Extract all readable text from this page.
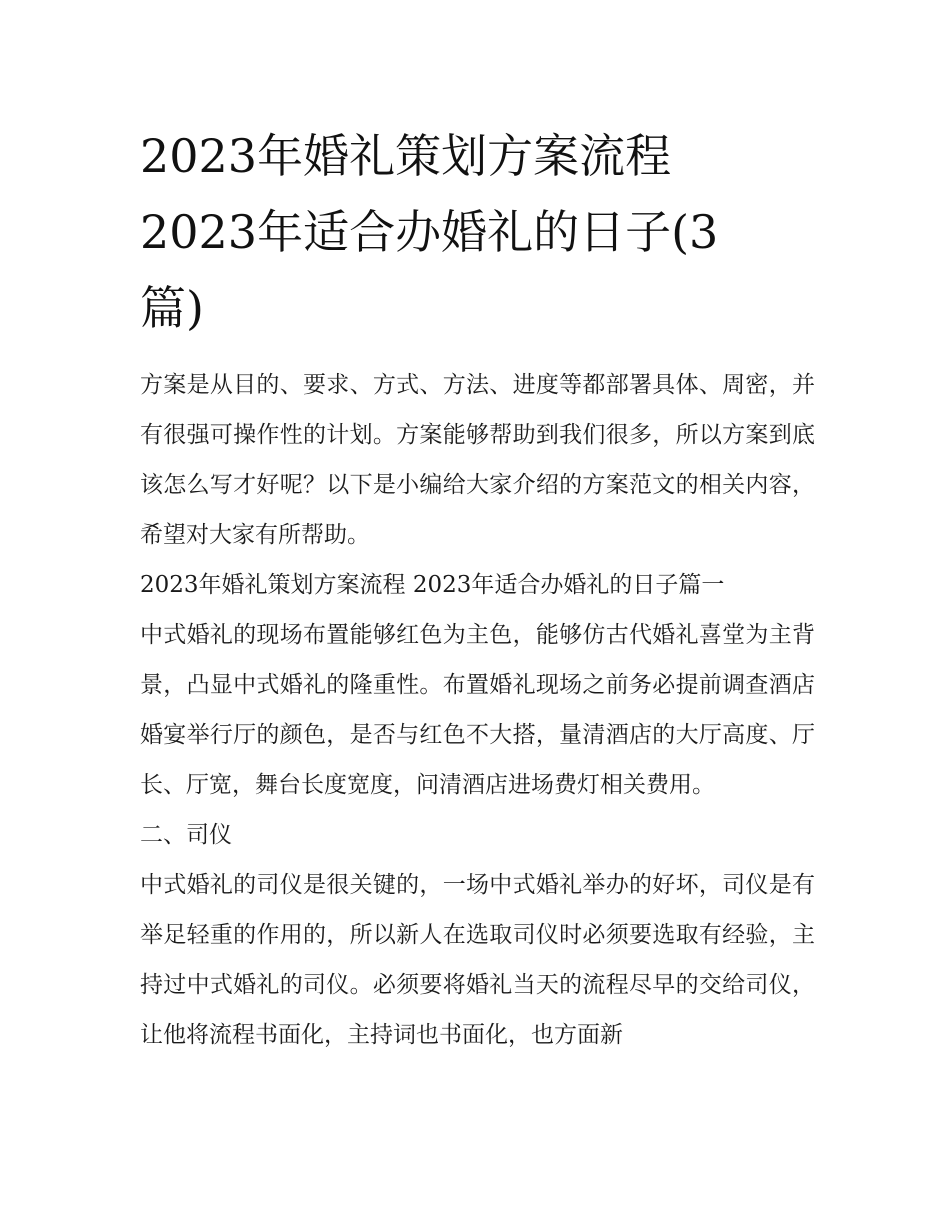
2023年婚礼策划方案流程
2023年适合办婚礼的日子(3
篇)

方案是从目的、要求、方式、方法、进度等都部署具体、周密，并有很强可操作性的计划。方案能够帮助到我们很多，所以方案到底该怎么写才好呢？以下是小编给大家介绍的方案范文的相关内容，希望对大家有所帮助。

2023年婚礼策划方案流程 2023年适合办婚礼的日子篇一

中式婚礼的现场布置能够红色为主色，能够仿古代婚礼喜堂为主背景，凸显中式婚礼的隆重性。布置婚礼现场之前务必提前调查酒店婚宴举行厅的颜色，是否与红色不大搭，量清酒店的大厅高度、厅长、厅宽，舞台长度宽度，问清酒店进场费灯相关费用。

二、司仪

中式婚礼的司仪是很关键的，一场中式婚礼举办的好坏，司仪是有举足轻重的作用的，所以新人在选取司仪时必须要选取有经验，主持过中式婚礼的司仪。必须要将婚礼当天的流程尽早的交给司仪，让他将流程书面化，主持词也书面化，也方面新
